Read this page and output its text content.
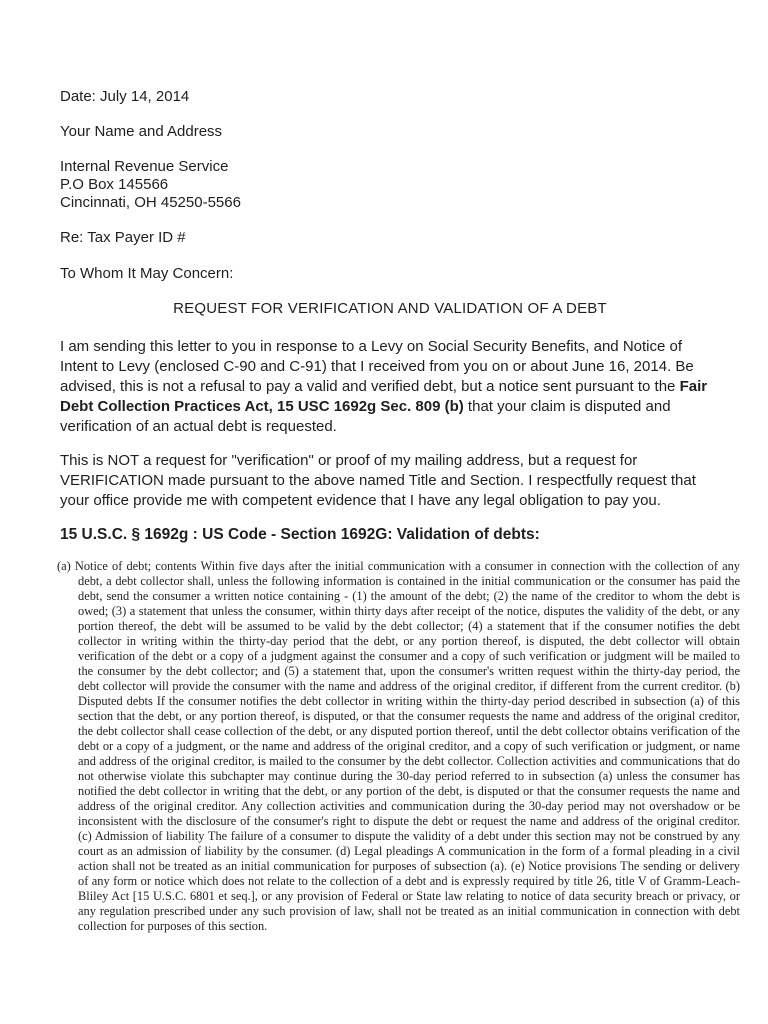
Date: July 14, 2014
Your Name and Address
Internal Revenue Service
P.O Box 145566
Cincinnati, OH 45250-5566
Re: Tax Payer ID #
To Whom It May Concern:
REQUEST FOR VERIFICATION AND VALIDATION OF A DEBT
I am sending this letter to you in response to a Levy on Social Security Benefits, and Notice of Intent to Levy (enclosed C-90 and C-91) that I received from you on or about June 16, 2014. Be advised, this is not a refusal to pay a valid and verified debt, but a notice sent pursuant to the Fair Debt Collection Practices Act, 15 USC 1692g Sec. 809 (b) that your claim is disputed and verification of an actual debt is requested.
This is NOT a request for "verification" or proof of my mailing address, but a request for VERIFICATION made pursuant to the above named Title and Section. I respectfully request that your office provide me with competent evidence that I have any legal obligation to pay you.
15 U.S.C. § 1692g : US Code - Section 1692G: Validation of debts:
(a) Notice of debt; contents Within five days after the initial communication with a consumer in connection with the collection of any debt, a debt collector shall, unless the following information is contained in the initial communication or the consumer has paid the debt, send the consumer a written notice containing - (1) the amount of the debt; (2) the name of the creditor to whom the debt is owed; (3) a statement that unless the consumer, within thirty days after receipt of the notice, disputes the validity of the debt, or any portion thereof, the debt will be assumed to be valid by the debt collector; (4) a statement that if the consumer notifies the debt collector in writing within the thirty-day period that the debt, or any portion thereof, is disputed, the debt collector will obtain verification of the debt or a copy of a judgment against the consumer and a copy of such verification or judgment will be mailed to the consumer by the debt collector; and (5) a statement that, upon the consumer's written request within the thirty-day period, the debt collector will provide the consumer with the name and address of the original creditor, if different from the current creditor. (b) Disputed debts If the consumer notifies the debt collector in writing within the thirty-day period described in subsection (a) of this section that the debt, or any portion thereof, is disputed, or that the consumer requests the name and address of the original creditor, the debt collector shall cease collection of the debt, or any disputed portion thereof, until the debt collector obtains verification of the debt or a copy of a judgment, or the name and address of the original creditor, and a copy of such verification or judgment, or name and address of the original creditor, is mailed to the consumer by the debt collector. Collection activities and communications that do not otherwise violate this subchapter may continue during the 30-day period referred to in subsection (a) unless the consumer has notified the debt collector in writing that the debt, or any portion of the debt, is disputed or that the consumer requests the name and address of the original creditor. Any collection activities and communication during the 30-day period may not overshadow or be inconsistent with the disclosure of the consumer's right to dispute the debt or request the name and address of the original creditor. (c) Admission of liability The failure of a consumer to dispute the validity of a debt under this section may not be construed by any court as an admission of liability by the consumer. (d) Legal pleadings A communication in the form of a formal pleading in a civil action shall not be treated as an initial communication for purposes of subsection (a). (e) Notice provisions The sending or delivery of any form or notice which does not relate to the collection of a debt and is expressly required by title 26, title V of Gramm-Leach-Bliley Act [15 U.S.C. 6801 et seq.], or any provision of Federal or State law relating to notice of data security breach or privacy, or any regulation prescribed under any such provision of law, shall not be treated as an initial communication in connection with debt collection for purposes of this section.
